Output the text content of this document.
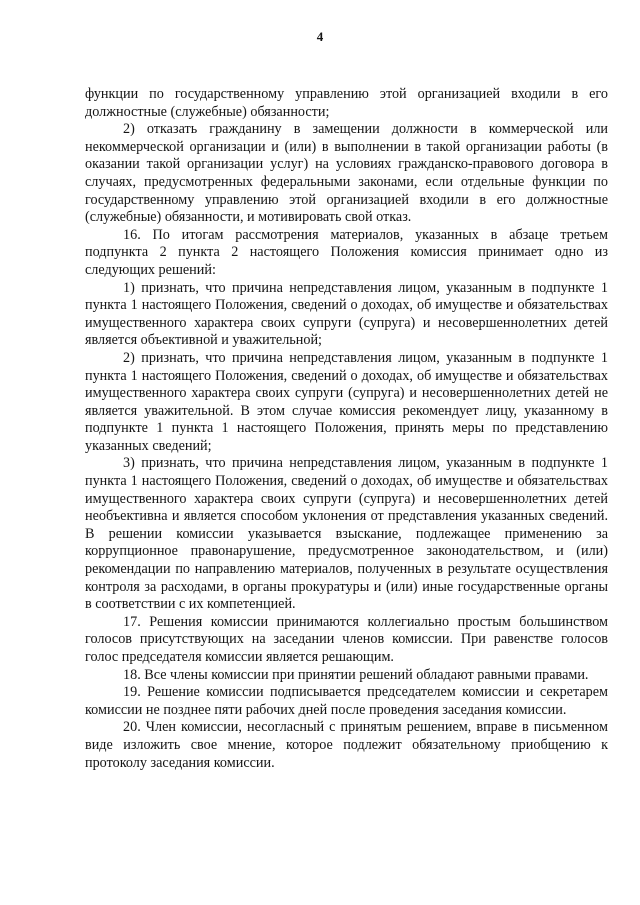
4

функции по государственному управлению этой организацией входили в его должностные (служебные) обязанности;

2) отказать гражданину в замещении должности в коммерческой или некоммерческой организации и (или) в выполнении в такой организации работы (в оказании такой организации услуг) на условиях гражданско-правового договора в случаях, предусмотренных федеральными законами, если отдельные функции по государственному управлению этой организацией входили в его должностные (служебные) обязанности, и мотивировать свой отказ.

16. По итогам рассмотрения материалов, указанных в абзаце третьем подпункта 2 пункта 2 настоящего Положения комиссия принимает одно из следующих решений:

1) признать, что причина непредставления лицом, указанным в подпункте 1 пункта 1 настоящего Положения, сведений о доходах, об имуществе и обязательствах имущественного характера своих супруги (супруга) и несовершеннолетних детей является объективной и уважительной;

2) признать, что причина непредставления лицом, указанным в подпункте 1 пункта 1 настоящего Положения, сведений о доходах, об имуществе и обязательствах имущественного характера своих супруги (супруга) и несовершеннолетних детей не является уважительной. В этом случае комиссия рекомендует лицу, указанному в подпункте 1 пункта 1 настоящего Положения, принять меры по представлению указанных сведений;

3) признать, что причина непредставления лицом, указанным в подпункте 1 пункта 1 настоящего Положения, сведений о доходах, об имуществе и обязательствах имущественного характера своих супруги (супруга) и несовершеннолетних детей необъективна и является способом уклонения от представления указанных сведений. В решении комиссии указывается взыскание, подлежащее применению за коррупционное правонарушение, предусмотренное законодательством, и (или) рекомендации по направлению материалов, полученных в результате осуществления контроля за расходами, в органы прокуратуры и (или) иные государственные органы в соответствии с их компетенцией.

17. Решения комиссии принимаются коллегиально простым большинством голосов присутствующих на заседании членов комиссии. При равенстве голосов голос председателя комиссии является решающим.

18. Все члены комиссии при принятии решений обладают равными правами.

19. Решение комиссии подписывается председателем комиссии и секретарем комиссии не позднее пяти рабочих дней после проведения заседания комиссии.

20. Член комиссии, несогласный с принятым решением, вправе в письменном виде изложить свое мнение, которое подлежит обязательному приобщению к протоколу заседания комиссии.
